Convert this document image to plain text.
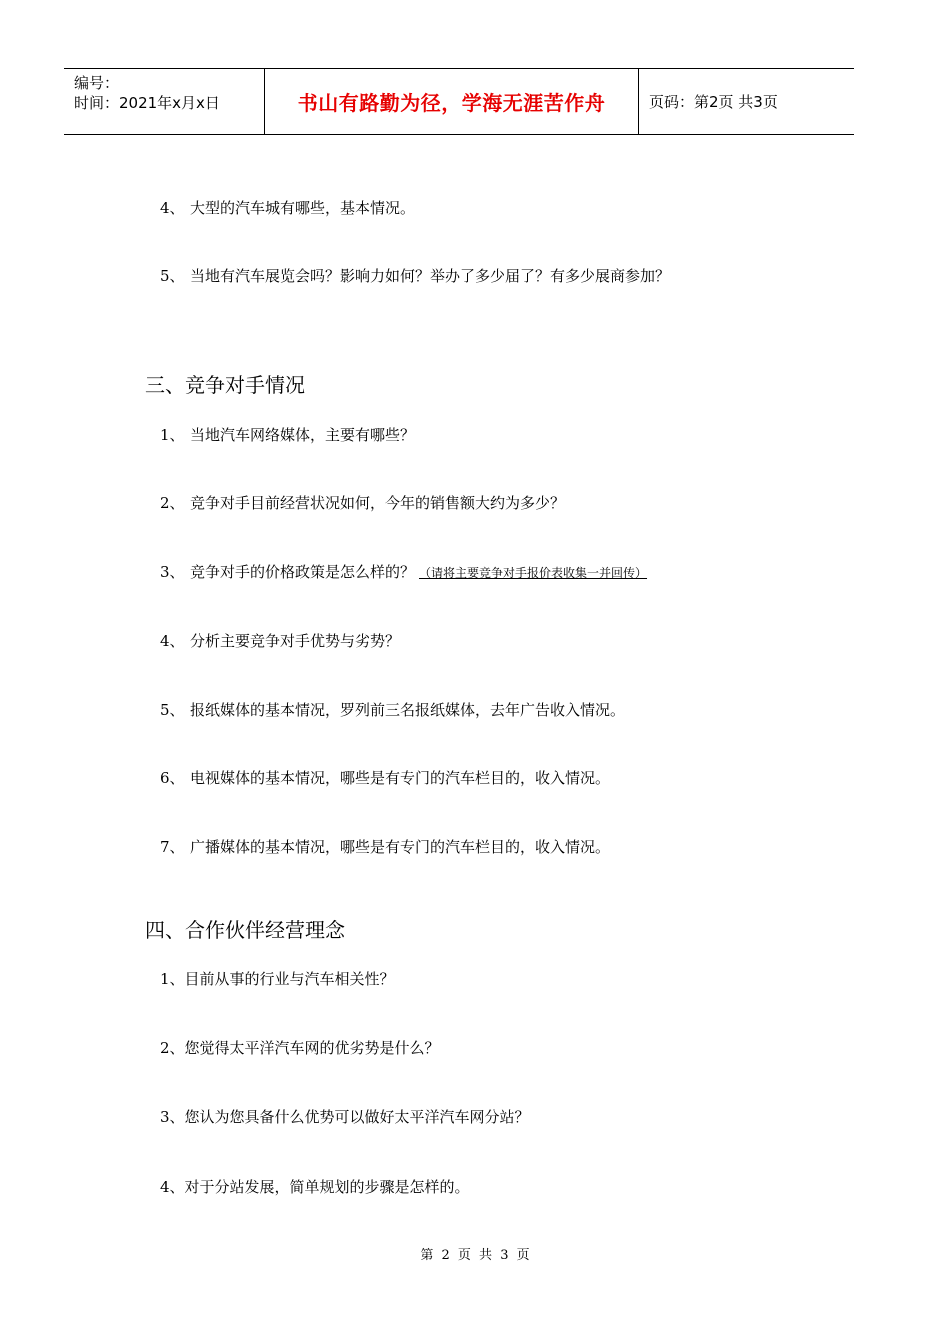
编号：
时间：2021年x月x日	书山有路勤为径，学海无涯苦作舟	页码：第2页 共3页
4、 大型的汽车城有哪些，基本情况。
5、 当地有汽车展览会吗？影响力如何？举办了多少届了？有多少展商参加？
三、竞争对手情况
1、 当地汽车网络媒体，主要有哪些？
2、 竞争对手目前经营状况如何，今年的销售额大约为多少？
3、 竞争对手的价格政策是怎么样的？ （请将主要竞争对手报价表收集一并回传）
4、 分析主要竞争对手优势与劣势？
5、 报纸媒体的基本情况，罗列前三名报纸媒体，去年广告收入情况。
6、 电视媒体的基本情况，哪些是有专门的汽车栏目的，收入情况。
7、 广播媒体的基本情况，哪些是有专门的汽车栏目的，收入情况。
四、合作伙伴经营理念
1、目前从事的行业与汽车相关性？
2、您觉得太平洋汽车网的优劣势是什么？
3、您认为您具备什么优势可以做好太平洋汽车网分站？
4、对于分站发展，简单规划的步骤是怎样的。
第 2 页 共 3 页
